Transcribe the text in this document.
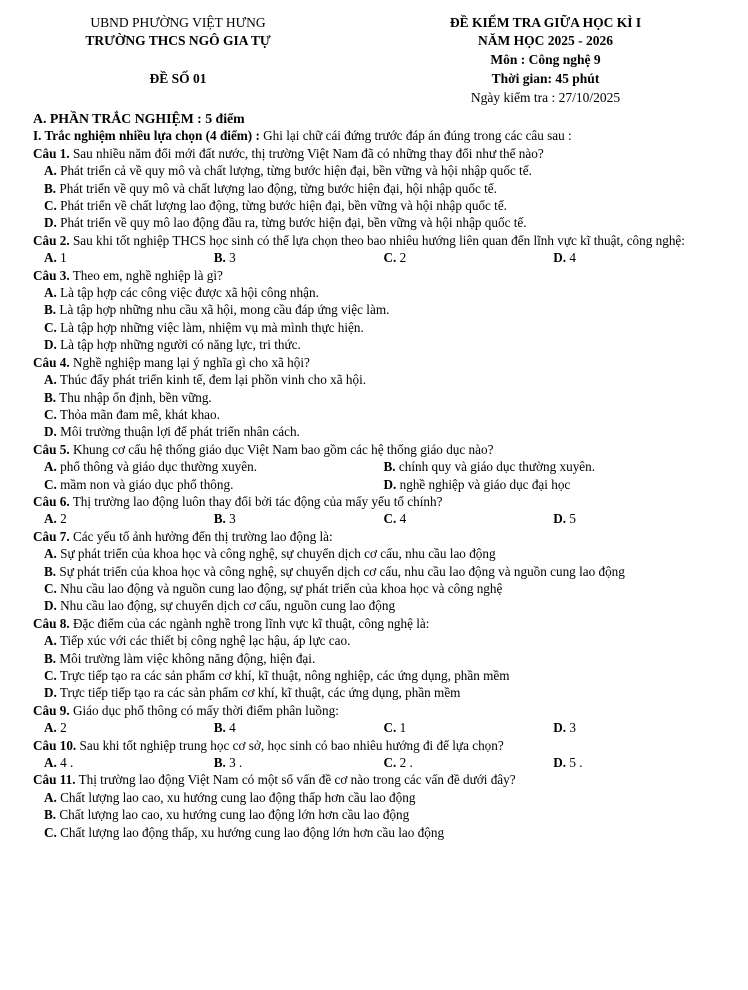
UBND PHƯỜNG VIỆT HƯNG
TRƯỜNG THCS NGÔ GIA TỰ
ĐỀ SỐ 01
ĐỀ KIỂM TRA GIỮA HỌC KÌ I
NĂM HỌC 2025 - 2026
Môn : Công nghệ 9
Thời gian: 45 phút
Ngày kiểm tra : 27/10/2025
A. PHẦN TRẮC NGHIỆM : 5 điểm
I. Trắc nghiệm nhiều lựa chọn (4 điểm) : Ghi lại chữ cái đứng trước đáp án đúng trong các câu sau :
Câu 1. Sau nhiều năm đổi mới đất nước, thị trường Việt Nam đã có những thay đổi như thế nào?
A. Phát triển cả về quy mô và chất lượng, từng bước hiện đại, bền vững và hội nhập quốc tế.
B. Phát triển về quy mô và chất lượng lao động, từng bước hiện đại, hội nhập quốc tế.
C. Phát triển về chất lượng lao động, từng bước hiện đại, bền vững và hội nhập quốc tế.
D. Phát triển về quy mô lao động đầu ra, từng bước hiện đại, bền vững và hội nhập quốc tế.
Câu 2. Sau khi tốt nghiệp THCS học sinh có thể lựa chọn theo bao nhiêu hướng liên quan đến lĩnh vực kĩ thuật, công nghệ:
A. 1	B. 3	C. 2	D. 4
Câu 3. Theo em, nghề nghiệp là gì?
A. Là tập hợp các công việc được xã hội công nhận.
B. Là tập hợp những nhu cầu xã hội, mong cầu đáp ứng việc làm.
C. Là tập hợp những việc làm, nhiệm vụ mà mình thực hiện.
D. Là tập hợp những người có năng lực, tri thức.
Câu 4. Nghề nghiệp mang lại ý nghĩa gì cho xã hội?
A. Thúc đẩy phát triển kinh tế, đem lại phồn vinh cho xã hội.
B. Thu nhập ổn định, bền vững.
C. Thỏa mãn đam mê, khát khao.
D. Môi trường thuận lợi để phát triển nhân cách.
Câu 5. Khung cơ cấu hệ thống giáo dục Việt Nam bao gồm các hệ thống giáo dục nào?
A. phổ thông và giáo dục thường xuyên.	B. chính quy và giáo dục thường xuyên.
C. mầm non và giáo dục phổ thông.	D. nghề nghiệp và giáo dục đại học
Câu 6. Thị trường lao động luôn thay đổi bởi tác động của mấy yếu tố chính?
A. 2	B. 3	C. 4	D. 5
Câu 7. Các yếu tố ảnh hưởng đến thị trường lao động là:
A. Sự phát triển của khoa học và công nghệ, sự chuyển dịch cơ cấu, nhu cầu lao động
B. Sự phát triển của khoa học và công nghệ, sự chuyển dịch cơ cấu, nhu cầu lao động và nguồn cung lao động
C. Nhu cầu lao động và nguồn cung lao động, sự phát triển của khoa học và công nghệ
D. Nhu cầu lao động, sự chuyển dịch cơ cấu, nguồn cung lao động
Câu 8. Đặc điểm của các ngành nghề trong lĩnh vực kĩ thuật, công nghệ là:
A. Tiếp xúc với các thiết bị công nghệ lạc hậu, áp lực cao.
B. Môi trường làm việc không năng động, hiện đại.
C. Trực tiếp tạo ra các sản phẩm cơ khí, kĩ thuật, nông nghiệp, các ứng dụng, phần mềm
D. Trực tiếp tiếp tạo ra các sản phẩm cơ khí, kĩ thuật, các ứng dụng, phần mềm
Câu 9. Giáo dục phổ thông có mấy thời điểm phân luồng:
A. 2	B. 4	C. 1	D. 3
Câu 10. Sau khi tốt nghiệp trung học cơ sở, học sinh có bao nhiêu hướng đi để lựa chọn?
A. 4 .	B. 3 .	C. 2 .	D. 5 .
Câu 11. Thị trường lao động Việt Nam có một số vấn đề cơ nào trong các vấn đề dưới đây?
A. Chất lượng lao cao, xu hướng cung lao động thấp hơn cầu lao động
B. Chất lượng lao cao, xu hướng cung lao động lớn hơn cầu lao động
C. Chất lượng lao động thấp, xu hướng cung lao động lớn hơn cầu lao động
